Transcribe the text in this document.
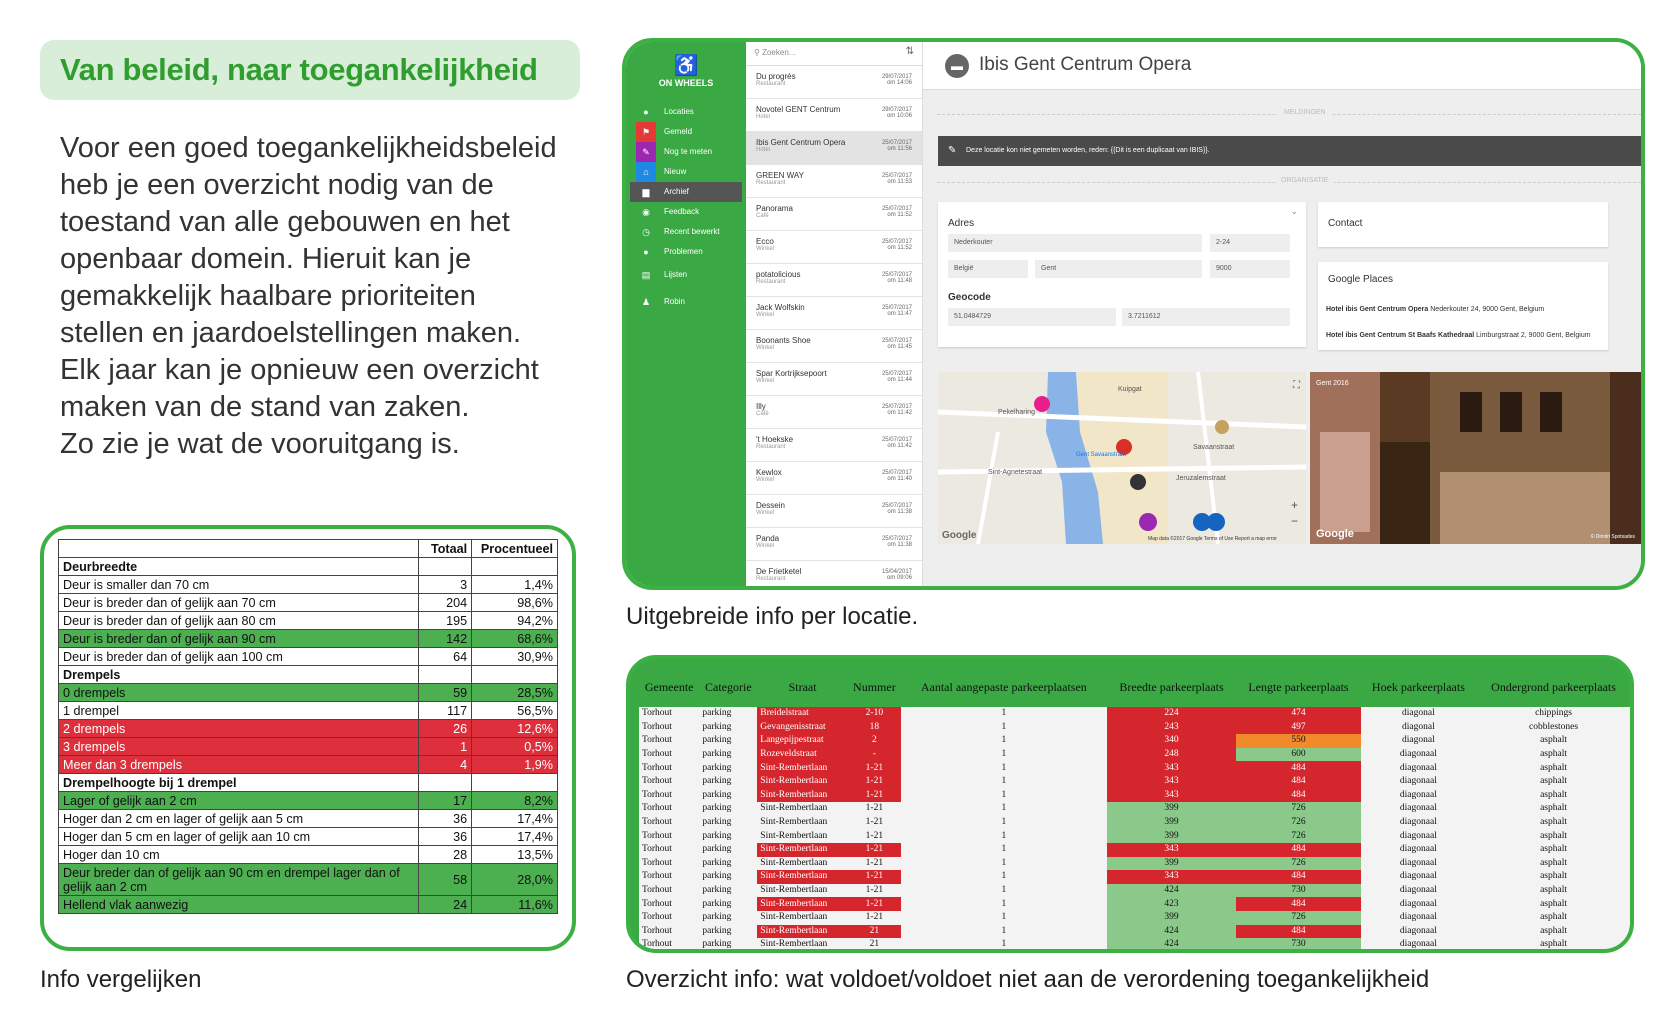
Van beleid, naar toegankelijkheid
Voor een goed toegankelijkheidsbeleid
heb je een overzicht nodig van de
toestand van alle gebouwen en het
openbaar domein. Hieruit kan je
gemakkelijk haalbare prioriteiten
stellen en jaardoelstellingen maken.
Elk jaar kan je opnieuw een overzicht
maken van de stand van zaken.
Zo zie je wat de vooruitgang is.
	Totaal	Procentueel
Deurbreedte		
Deur is smaller dan 70 cm	3	1,4%
Deur is breder dan of gelijk aan 70 cm	204	98,6%
Deur is breder dan of gelijk aan 80 cm	195	94,2%
Deur is breder dan of gelijk aan 90 cm	142	68,6%
Deur is breder dan of gelijk aan 100 cm	64	30,9%
Drempels		
0 drempels	59	28,5%
1 drempel	117	56,5%
2 drempels	26	12,6%
3 drempels	1	0,5%
Meer dan 3 drempels	4	1,9%
Drempelhoogte bij 1 drempel		
Lager of gelijk aan 2 cm	17	8,2%
Hoger dan 2 cm en lager of gelijk aan 5 cm	36	17,4%
Hoger dan 5 cm en lager of gelijk aan 10 cm	36	17,4%
Hoger dan 10 cm	28	13,5%
Deur breder dan of gelijk aan 90 cm en drempel lager dan of gelijk aan 2 cm	58	28,0%
Hellend vlak aanwezig	24	11,6%
Info vergelijken
♿
ON WHEELS
●	Locaties
⚑	Gemeld
✎	Nog te meten
⌂	Nieuw
▆	Archief
◉	Feedback
◷	Recent bewerkt
●	Problemen
▤	Lijsten
♟	Robin
⚲ Zoeken...	⇅
Du progrès
Restaurant
29/07/2017
om 14:06
Novotel GENT Centrum
Hotel
29/07/2017
om 10:06
Ibis Gent Centrum Opera
Hotel
25/07/2017
om 11:56
GREEN WAY
Restaurant
25/07/2017
om 11:53
Panorama
Café
25/07/2017
om 11:52
Ecco
Winkel
25/07/2017
om 11:52
potatolicious
Restaurant
25/07/2017
om 11:48
Jack Wolfskin
Winkel
25/07/2017
om 11:47
Boonants Shoe
Winkel
25/07/2017
om 11:45
Spar Kortrijksepoort
Winkel
25/07/2017
om 11:44
Illy
Café
25/07/2017
om 11:42
't Hoekske
Restaurant
25/07/2017
om 11:42
Kewlox
Winkel
25/07/2017
om 11:40
Dessein
Winkel
25/07/2017
om 11:38
Panda
Winkel
25/07/2017
om 11:38
De Frietketel
Restaurant
15/04/2017
om 09:06
▬ Ibis Gent Centrum Opera
MELDINGEN
✎ Deze locatie kon niet gemeten worden, reden: {{Dit is een duplicaat van IBIS}}.
ORGANISATIE
Adres
⌄
Nederkouter	2-24
België	Gent	9000
Geocode
51.0484729	3.7211612
Contact
Google Places
Hotel ibis Gent Centrum Opera Nederkouter 24, 9000 Gent, Belgium
Hotel ibis Gent Centrum St Baafs Kathedraal Limburgstraat 2, 9000 Gent, Belgium
Kuipgat
Pekelharing
Savaanstraat
Sint-Agnetestraat
Jeruzalemstraat
Gent Savaanstraat
Google	Map data ©2017 Google Terms of Use Report a map error
⛶
+
−
Gent 2016
Google	© Dimitri Spotsades
Uitgebreide info per locatie.
Gemeente	Categorie	Straat	Nummer	Aantal aangepaste parkeerplaatsen	Breedte parkeerplaats	Lengte parkeerplaats	Hoek parkeerplaats	Ondergrond parkeerplaats
Torhout	parking	Breidelstraat	2-10	1	224	474	diagonal	chippings
Torhout	parking	Gevangenisstraat	18	1	243	497	diagonal	cobblestones
Torhout	parking	Langepijpestraat	2	1	340	550	diagonal	asphalt
Torhout	parking	Rozeveldstraat	-	1	248	600	diagonaal	asphalt
Torhout	parking	Sint-Rembertlaan	1-21	1	343	484	diagonaal	asphalt
Torhout	parking	Sint-Rembertlaan	1-21	1	343	484	diagonaal	asphalt
Torhout	parking	Sint-Rembertlaan	1-21	1	343	484	diagonaal	asphalt
Torhout	parking	Sint-Rembertlaan	1-21	1	399	726	diagonaal	asphalt
Torhout	parking	Sint-Rembertlaan	1-21	1	399	726	diagonaal	asphalt
Torhout	parking	Sint-Rembertlaan	1-21	1	399	726	diagonaal	asphalt
Torhout	parking	Sint-Rembertlaan	1-21	1	343	484	diagonaal	asphalt
Torhout	parking	Sint-Rembertlaan	1-21	1	399	726	diagonaal	asphalt
Torhout	parking	Sint-Rembertlaan	1-21	1	343	484	diagonaal	asphalt
Torhout	parking	Sint-Rembertlaan	1-21	1	424	730	diagonaal	asphalt
Torhout	parking	Sint-Rembertlaan	1-21	1	423	484	diagonaal	asphalt
Torhout	parking	Sint-Rembertlaan	1-21	1	399	726	diagonaal	asphalt
Torhout	parking	Sint-Rembertlaan	21	1	424	484	diagonaal	asphalt
Torhout	parking	Sint-Rembertlaan	21	1	424	730	diagonaal	asphalt
Overzicht info: wat voldoet/voldoet niet aan de verordening toegankelijkheid
